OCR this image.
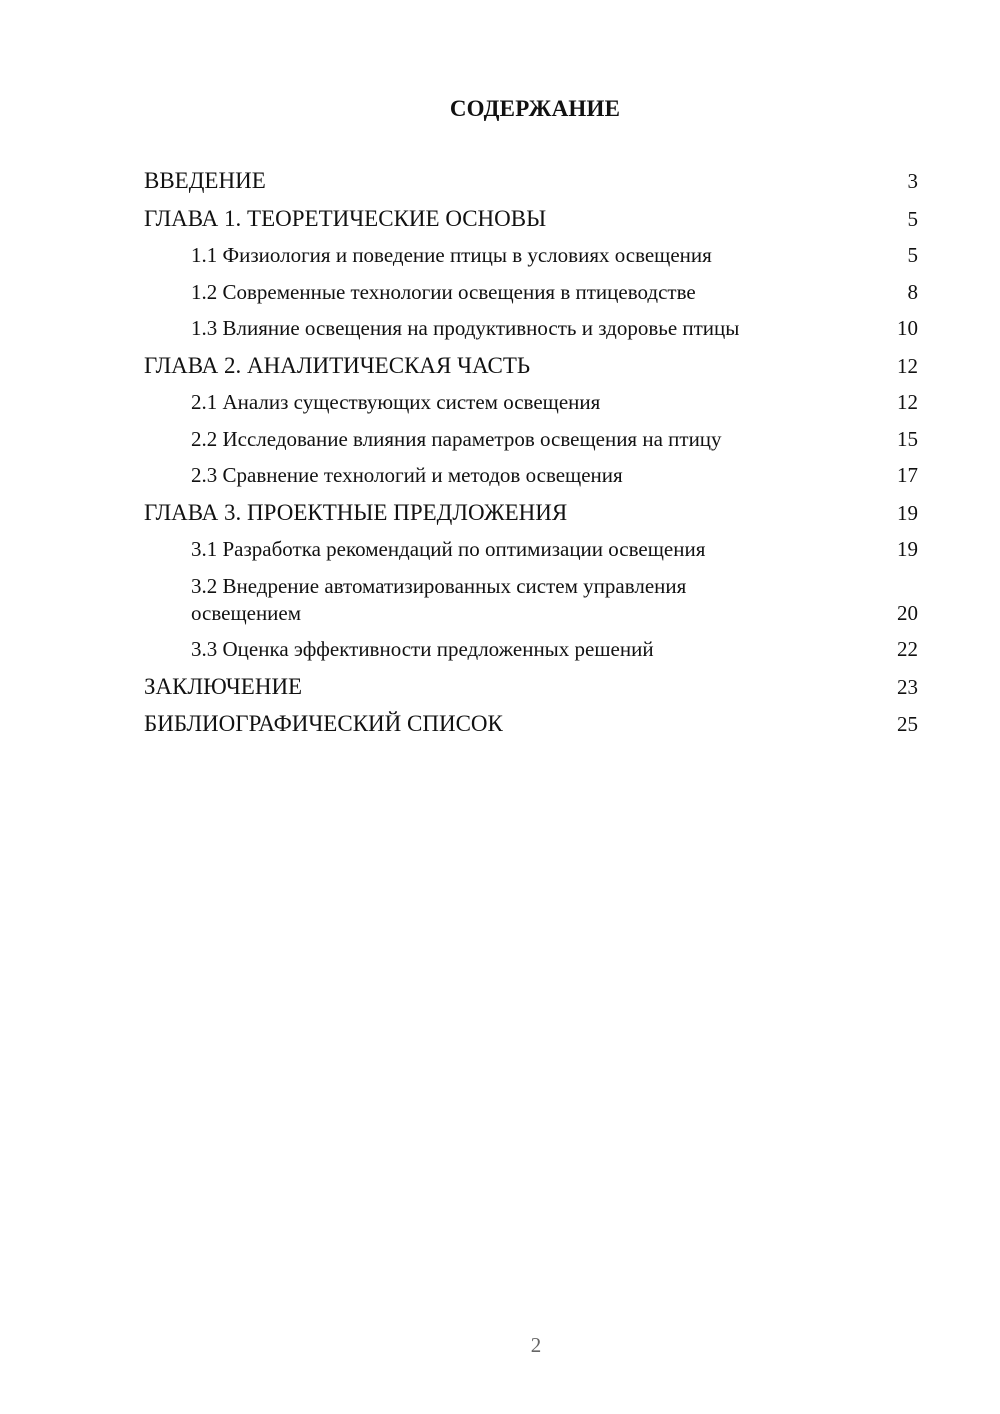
СОДЕРЖАНИЕ
ВВЕДЕНИЕ	3
ГЛАВА 1. ТЕОРЕТИЧЕСКИЕ ОСНОВЫ	5
1.1 Физиология и поведение птицы в условиях освещения	5
1.2 Современные технологии освещения в птицеводстве	8
1.3 Влияние освещения на продуктивность и здоровье птицы	10
ГЛАВА 2. АНАЛИТИЧЕСКАЯ ЧАСТЬ	12
2.1 Анализ существующих систем освещения	12
2.2 Исследование влияния параметров освещения на птицу	15
2.3 Сравнение технологий и методов освещения	17
ГЛАВА 3. ПРОЕКТНЫЕ ПРЕДЛОЖЕНИЯ	19
3.1 Разработка рекомендаций по оптимизации освещения	19
3.2 Внедрение автоматизированных систем управления освещением	20
3.3 Оценка эффективности предложенных решений	22
ЗАКЛЮЧЕНИЕ	23
БИБЛИОГРАФИЧЕСКИЙ СПИСОК	25
2
